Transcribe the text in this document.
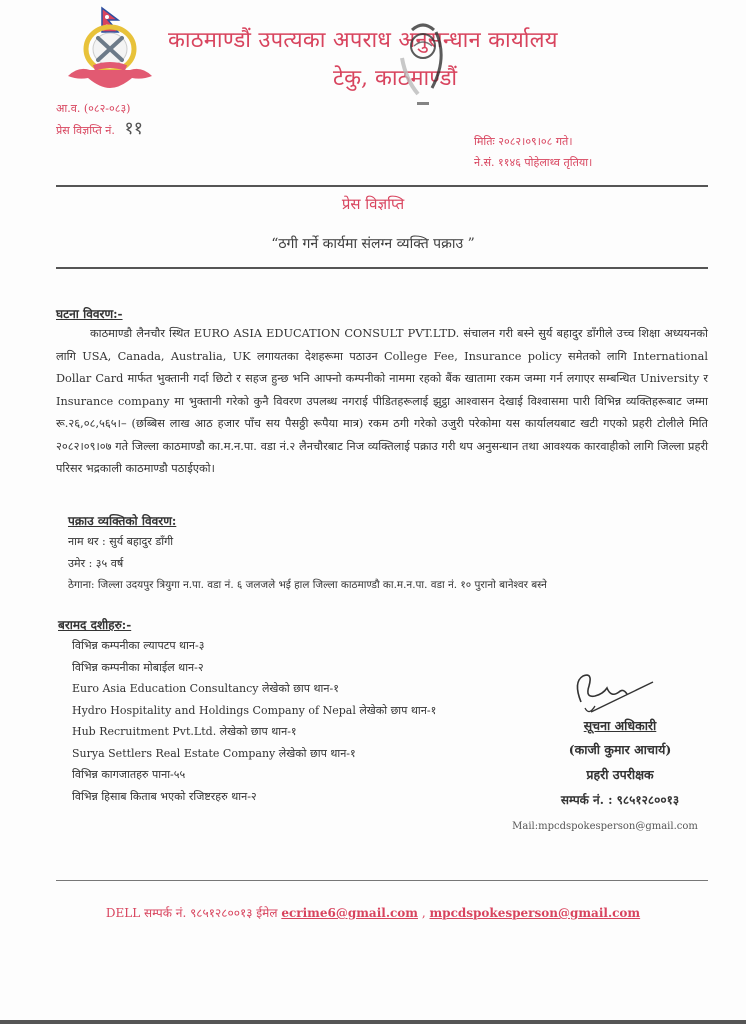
काठमाण्डौं उपत्यका अपराध अनुसन्धान कार्यालय
टेकु, काठमाण्डौं
आ.व. (०८२-०८३)
प्रेस विज्ञप्ति नं. ११
मितिः २०८२।०९।०८ गते।
ने.सं. ११४६ पोहेलाथ्व तृतिया।
प्रेस विज्ञप्ति
“ठगी गर्ने कार्यमा संलग्न व्यक्ति पक्राउ ”
घटना विवरण:-
काठमाण्डौ लैनचौर स्थित EURO ASIA EDUCATION CONSULT PVT.LTD. संचालन गरी बस्ने सुर्य बहादुर डाँगीले उच्च शिक्षा अध्ययनको लागि USA, Canada, Australia, UK लगायतका देशहरूमा पठाउन College Fee, Insurance policy समेतको लागि International Dollar Card मार्फत भुक्तानी गर्दा छिटो र सहज हुन्छ भनि आफ्नो कम्पनीको नाममा रहको बैंक खातामा रकम जम्मा गर्न लगाएर सम्बन्धित University र Insurance company मा भुक्तानी गरेको कुनै विवरण उपलब्ध नगराई पीडितहरूलाई झुट्ठा आश्वासन देखाई विश्वासमा पारी विभिन्न व्यक्तिहरूबाट जम्मा रू.२६,०८,५६५।– (छब्बिस लाख आठ हजार पाँच सय पैसठ्ठी रूपैया मात्र) रकम ठगी गरेको उजुरी परेकोमा यस कार्यालयबाट खटी गएको प्रहरी टोलीले मिति २०८२।०९।०७ गते जिल्ला काठमाण्डौ का.म.न.पा. वडा नं.२ लैनचौरबाट निज व्यक्तिलाई पक्राउ गरी थप अनुसन्धान तथा आवश्यक कारवाहीको लागि जिल्ला प्रहरी परिसर भद्रकाली काठमाण्डौ पठाईएको।
पक्राउ व्यक्तिको विवरण:
नाम थर : सुर्य बहादुर डाँगी
उमेर : ३५ वर्ष
ठेगाना: जिल्ला उदयपुर त्रियुगा न.पा. वडा नं. ६ जलजले भई हाल जिल्ला काठमाण्डौ का.म.न.पा. वडा नं. १० पुरानो बानेश्वर बस्ने
बरामद दशीहरु:-
विभिन्न कम्पनीका ल्यापटप थान-३
विभिन्न कम्पनीका मोबाईल थान-२
Euro Asia Education Consultancy लेखेको छाप थान-१
Hydro Hospitality and Holdings Company of Nepal लेखेको छाप थान-१
Hub Recruitment Pvt.Ltd. लेखेको छाप थान-१
Surya Settlers Real Estate Company लेखेको छाप थान-१
विभिन्न कागजातहरु पाना-५५
विभिन्न हिसाब किताब भएको रजिष्टरहरु थान-२
सूचना अधिकारी
(काजी कुमार आचार्य)
प्रहरी उपरीक्षक
सम्पर्क नं. : ९८५१२८००१३
Mail:mpcdspokesperson@gmail.com
DELL सम्पर्क नं. ९८५१२८००१३ ईमेल ecrime6@gmail.com , mpcdspokesperson@gmail.com
